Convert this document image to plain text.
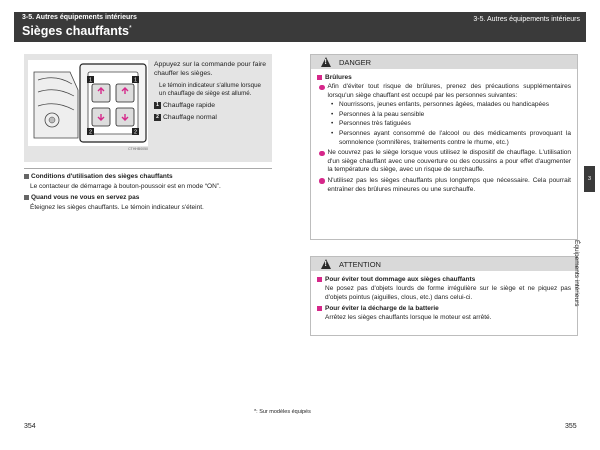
3-5. Autres équipements intérieurs
Sièges chauffants*
3-5. Autres équipements intérieurs
1	1
2	2
CTHHB0050
Appuyez sur la commande pour faire chauffer les sièges.
Le témoin indicateur s'allume lorsque un chauffage de siège est allumé.
1 Chauffage rapide
2 Chauffage normal
Conditions d'utilisation des sièges chauffants
Le contacteur de démarrage à bouton-poussoir est en mode “ON”.
Quand vous ne vous en servez pas
Éteignez les sièges chauffants. Le témoin indicateur s'éteint.
!
DANGER
Brûlures
Afin d'éviter tout risque de brûlures, prenez des précautions supplémentaires lorsqu'un siège chauffant est occupé par les personnes suivantes:
• Nourrissons, jeunes enfants, personnes âgées, malades ou handicapées
• Personnes à la peau sensible
• Personnes très fatiguées
• Personnes ayant consommé de l'alcool ou des médicaments provoquant la somnolence (somnifères, traitements contre le rhume, etc.)
Ne couvrez pas le siège lorsque vous utilisez le dispositif de chauffage. L'utilisation d'un siège chauffant avec une couverture ou des coussins a pour effet d'augmenter la température du siège, avec un risque de surchauffe.
N'utilisez pas les sièges chauffants plus longtemps que nécessaire. Cela pourrait entraîner des brûlures mineures ou une surchauffe.
!
ATTENTION
Pour éviter tout dommage aux sièges chauffants
Ne posez pas d'objets lourds de forme irrégulière sur le siège et ne piquez pas d'objets pointus (aiguilles, clous, etc.) dans celui-ci.
Pour éviter la décharge de la batterie
Arrêtez les sièges chauffants lorsque le moteur est arrêté.
3
Équipements intérieurs
*: Sur modèles équipés
354	355
